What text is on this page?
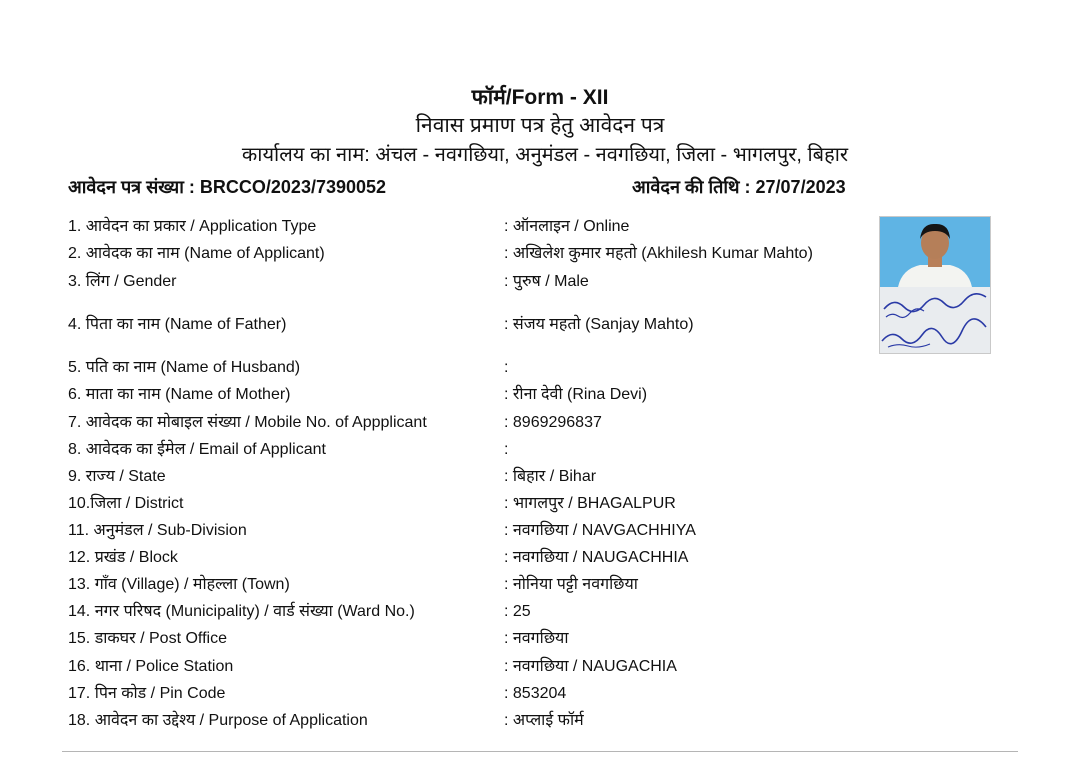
फॉर्म/Form - XII
निवास प्रमाण पत्र हेतु आवेदन पत्र
कार्यालय का नाम: अंचल - नवगछिया, अनुमंडल - नवगछिया, जिला - भागलपुर, बिहार
आवेदन पत्र संख्या : BRCCO/2023/7390052	आवेदन की तिथि : 27/07/2023
1. आवेदन का प्रकार / Application Type	: ऑनलाइन / Online
2. आवेदक का नाम (Name of Applicant)	: अखिलेश कुमार महतो (Akhilesh Kumar Mahto)
3. लिंग / Gender	: पुरुष / Male
4. पिता का नाम (Name of Father)	: संजय महतो (Sanjay Mahto)
5. पति का नाम (Name of Husband)	:
6. माता का नाम (Name of Mother)	: रीना देवी (Rina Devi)
7. आवेदक का मोबाइल संख्या / Mobile No. of Appplicant	: 8969296837
8. आवेदक का ईमेल / Email of Applicant	:
9. राज्य / State	: बिहार / Bihar
10.जिला / District	: भागलपुर / BHAGALPUR
11. अनुमंडल / Sub-Division	: नवगछिया / NAVGACHHIYA
12. प्रखंड / Block	: नवगछिया / NAUGACHHIA
13. गाँव (Village) / मोहल्ला (Town)	: नोनिया पट्टी नवगछिया
14. नगर परिषद (Municipality) / वार्ड संख्या (Ward No.)	: 25
15. डाकघर / Post Office	: नवगछिया
16. थाना / Police Station	: नवगछिया / NAUGACHIA
17. पिन कोड / Pin Code	: 853204
18. आवेदन का उद्देश्य / Purpose of Application	: अप्लाई फॉर्म
